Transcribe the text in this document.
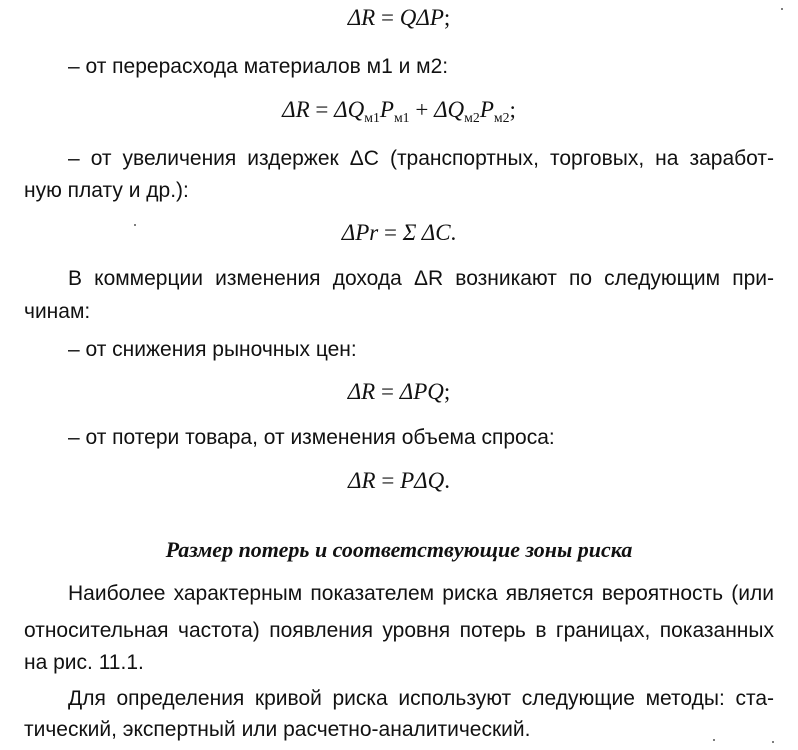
ΔR = QΔP;
– от перерасхода материалов м1 и м2:
$\Delta R = \Delta Q_{м1}P_{м1} + \Delta Q_{м2}P_{м2}$;
– от увеличения издержек ΔC (транспортных, торговых, на заработ-
ную плату и др.):
ΔPr = Σ ΔC.
В коммерции изменения дохода ΔR возникают по следующим при-
чинам:
– от снижения рыночных цен:
ΔR = ΔPQ;
– от потери товара, от изменения объема спроса:
ΔR = PΔQ.
Размер потерь и соответствующие зоны риска
Наиболее характерным показателем риска является вероятность (или
относительная частота) появления уровня потерь в границах, показанных
на рис. 11.1.
Для определения кривой риска используют следующие методы: ста-
тический, экспертный или расчетно-аналитический.
